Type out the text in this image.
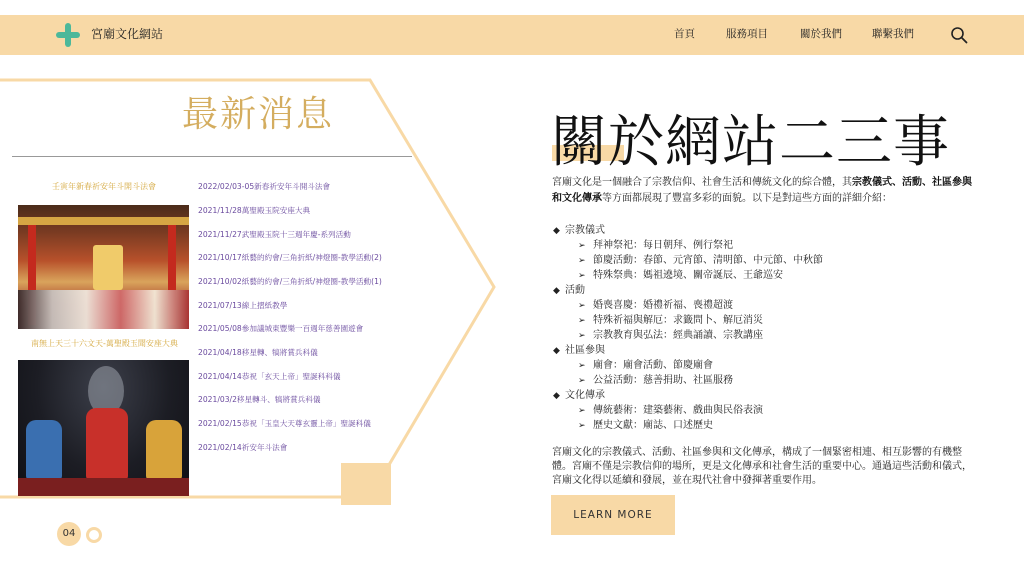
宮廟文化網站	首頁	服務項目	關於我們	聯繫我們
最新消息
壬寅年新春祈安年斗開斗法會
南無上天三十六文天-萬聖殿玉聞安座大典
2022/02/03-05新春祈安年斗開斗法會
2021/11/28萬聖殿玉院安座大典
2021/11/27武聖殿玉院十三週年慶-系列活動
2021/10/17紙藝的約會/三角折紙/神燈圈-教學活動(2)
2021/10/02紙藝的約會/三角折紙/神燈圈-教學活動(1)
2021/07/13線上摺紙教學
2021/05/08參加議城東豐樂一百週年慈善園遊會
2021/04/18移星轉、犒將賞兵科儀
2021/04/14恭祝「玄天上帝」聖誕科科儀
2021/03/2移星轉斗、犒將賞兵科儀
2021/02/15恭祝「玉皇大天尊玄靈上帝」聖誕科儀
2021/02/14祈安年斗法會
04
關於網站二三事

宮廟文化是一個融合了宗教信仰、社會生活和傳統文化的綜合體，其宗教儀式、活動、社區參與和文化傳承等方面都展現了豐富多彩的面貌。以下是對這些方面的詳細介紹：

◆ 宗教儀式
➢ 拜神祭祀：每日朝拜、例行祭祀
➢ 節慶活動：春節、元宵節、清明節、中元節、中秋節
➢ 特殊祭典：媽祖遶境、關帝誕辰、王爺巡安
◆ 活動
➢ 婚喪喜慶：婚禮祈福、喪禮超渡
➢ 特殊祈福與解厄：求籤問卜、解厄消災
➢ 宗教教育與弘法：經典誦讀、宗教講座
◆ 社區參與
➢ 廟會：廟會活動、節慶廟會
➢ 公益活動：慈善捐助、社區服務
◆ 文化傳承
➢ 傳統藝術：建築藝術、戲曲與民俗表演
➢ 歷史文獻：廟誌、口述歷史

宮廟文化的宗教儀式、活動、社區參與和文化傳承，構成了一個緊密相連、相互影響的有機整體。宮廟不僅是宗教信仰的場所，更是文化傳承和社會生活的重要中心。通過這些活動和儀式，宮廟文化得以延續和發展，並在現代社會中發揮著重要作用。

LEARN MORE
